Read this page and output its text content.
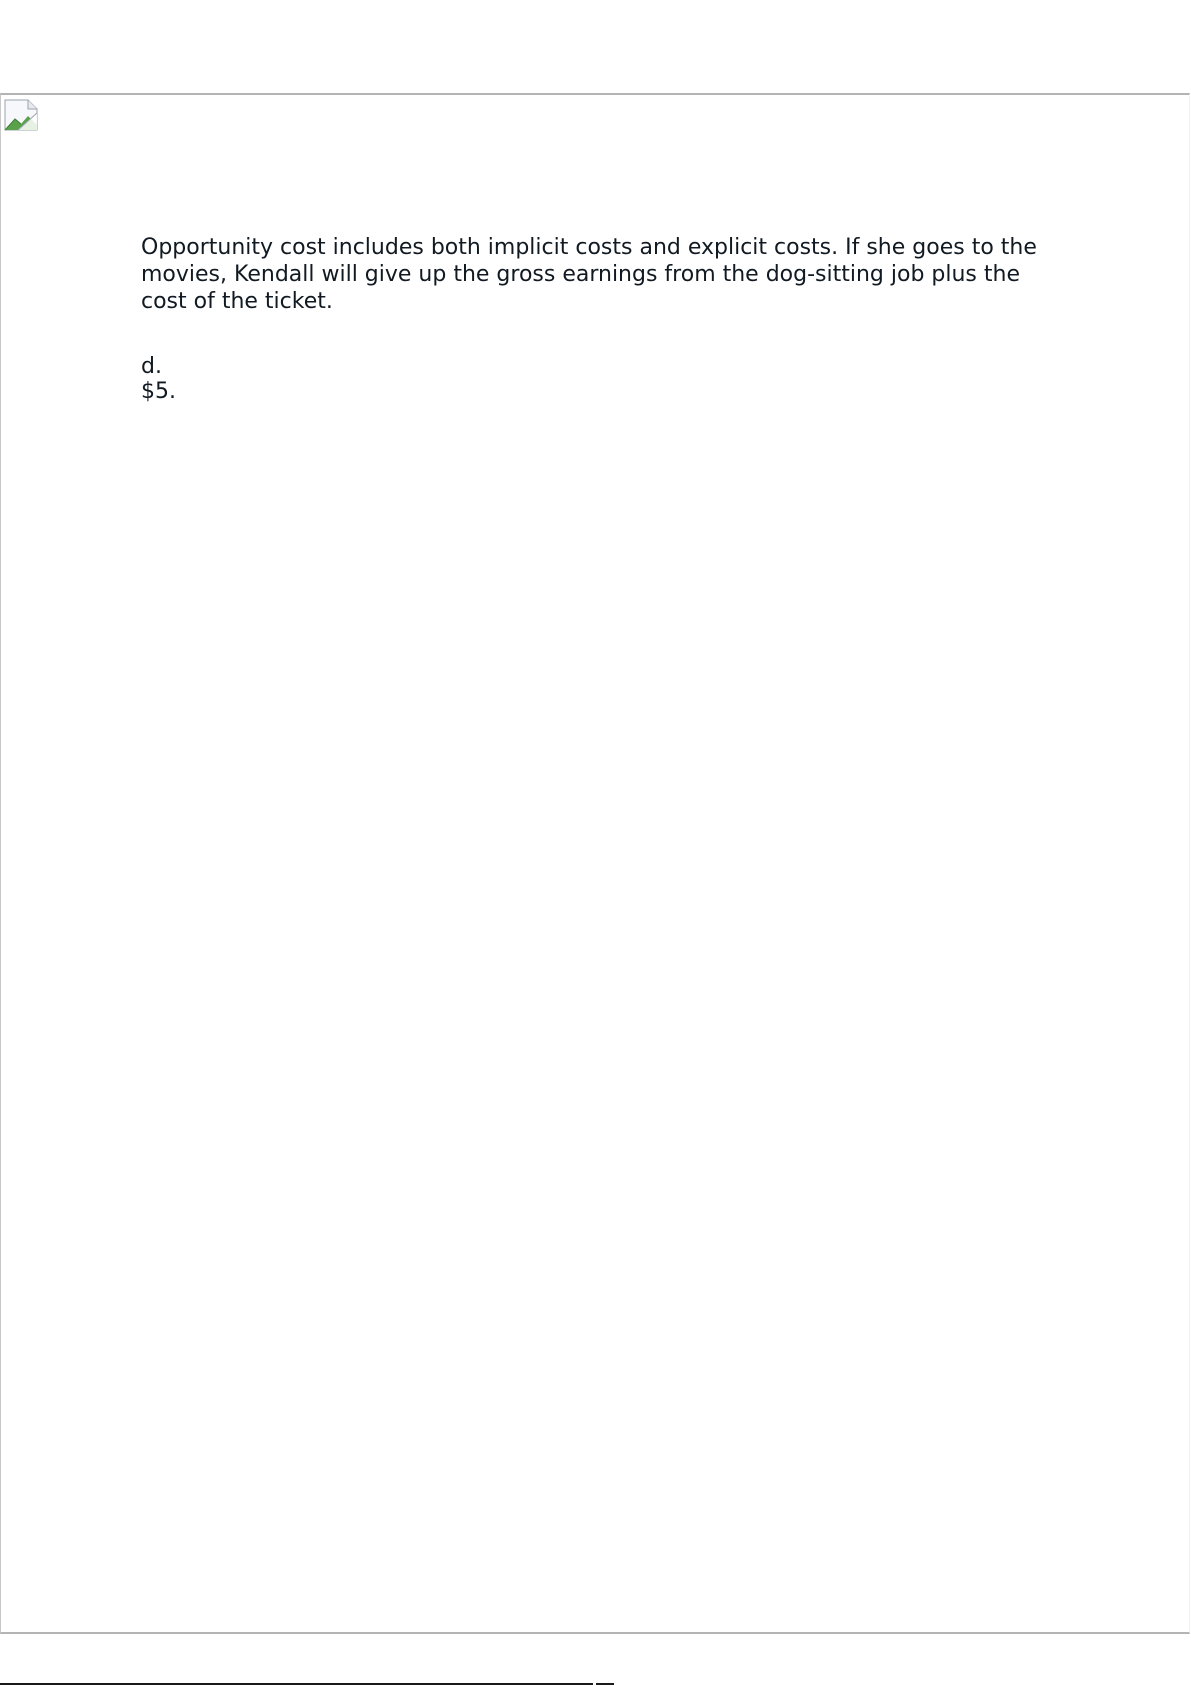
Opportunity cost includes both implicit costs and explicit costs. If she goes to the movies, Kendall will give up the gross earnings from the dog-sitting job plus the cost of the ticket.

d.
$5.
